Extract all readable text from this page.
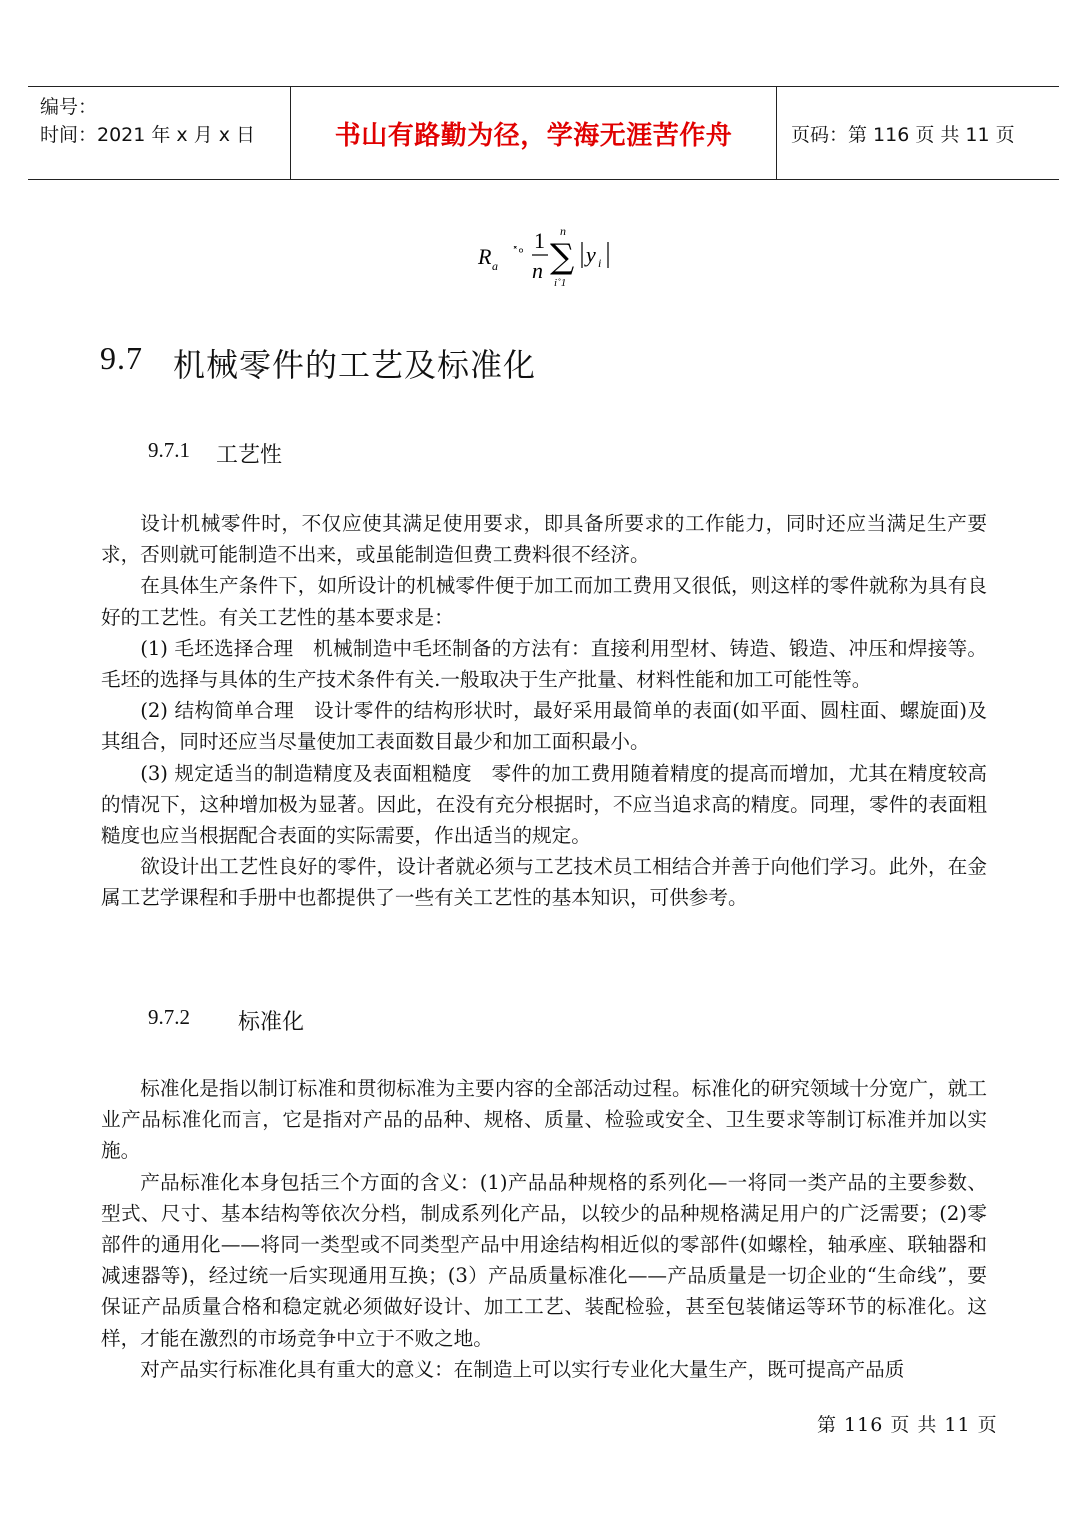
编号：
时间：2021 年 x 月 x 日	书山有路勤为径，学海无涯苦作舟	页码：第 116 页 共 11 页
R a
˟ᵒ
1
n
n
∑
i˚1
y i
9.7 机械零件的工艺及标准化
9.7.1 工艺性

设计机械零件时，不仅应使其满足使用要求，即具备所要求的工作能力，同时还应当满足生产要求，否则就可能制造不出来，或虽能制造但费工费料很不经济。

在具体生产条件下，如所设计的机械零件便于加工而加工费用又很低，则这样的零件就称为具有良好的工艺性。有关工艺性的基本要求是：

(1) 毛坯选择合理　机械制造中毛坯制备的方法有：直接利用型材、铸造、锻造、冲压和焊接等。毛坯的选择与具体的生产技术条件有关.一般取决于生产批量、材料性能和加工可能性等。

(2) 结构简单合理　设计零件的结构形状时，最好采用最简单的表面(如平面、圆柱面、螺旋面)及其组合，同时还应当尽量使加工表面数目最少和加工面积最小。

(3) 规定适当的制造精度及表面粗糙度　零件的加工费用随着精度的提高而增加，尤其在精度较高的情况下，这种增加极为显著。因此，在没有充分根据时，不应当追求高的精度。同理，零件的表面粗糙度也应当根据配合表面的实际需要，作出适当的规定。

欲设计出工艺性良好的零件，设计者就必须与工艺技术员工相结合并善于向他们学习。此外，在金属工艺学课程和手册中也都提供了一些有关工艺性的基本知识，可供参考。

9.7.2 标准化

标准化是指以制订标准和贯彻标准为主要内容的全部活动过程。标准化的研究领域十分宽广，就工业产品标准化而言，它是指对产品的品种、规格、质量、检验或安全、卫生要求等制订标准并加以实施。

产品标准化本身包括三个方面的含义：(1)产品品种规格的系列化—一将同一类产品的主要参数、型式、尺寸、基本结构等依次分档，制成系列化产品，以较少的品种规格满足用户的广泛需要；(2)零部件的通用化——将同一类型或不同类型产品中用途结构相近似的零部件(如螺栓，轴承座、联轴器和减速器等)，经过统一后实现通用互换；(3）产品质量标准化——产品质量是一切企业的“生命线”，要保证产品质量合格和稳定就必须做好设计、加工工艺、装配检验，甚至包装储运等环节的标准化。这样，才能在激烈的市场竞争中立于不败之地。

对产品实行标准化具有重大的意义：在制造上可以实行专业化大量生产，既可提高产品质

第 116 页 共 11 页
